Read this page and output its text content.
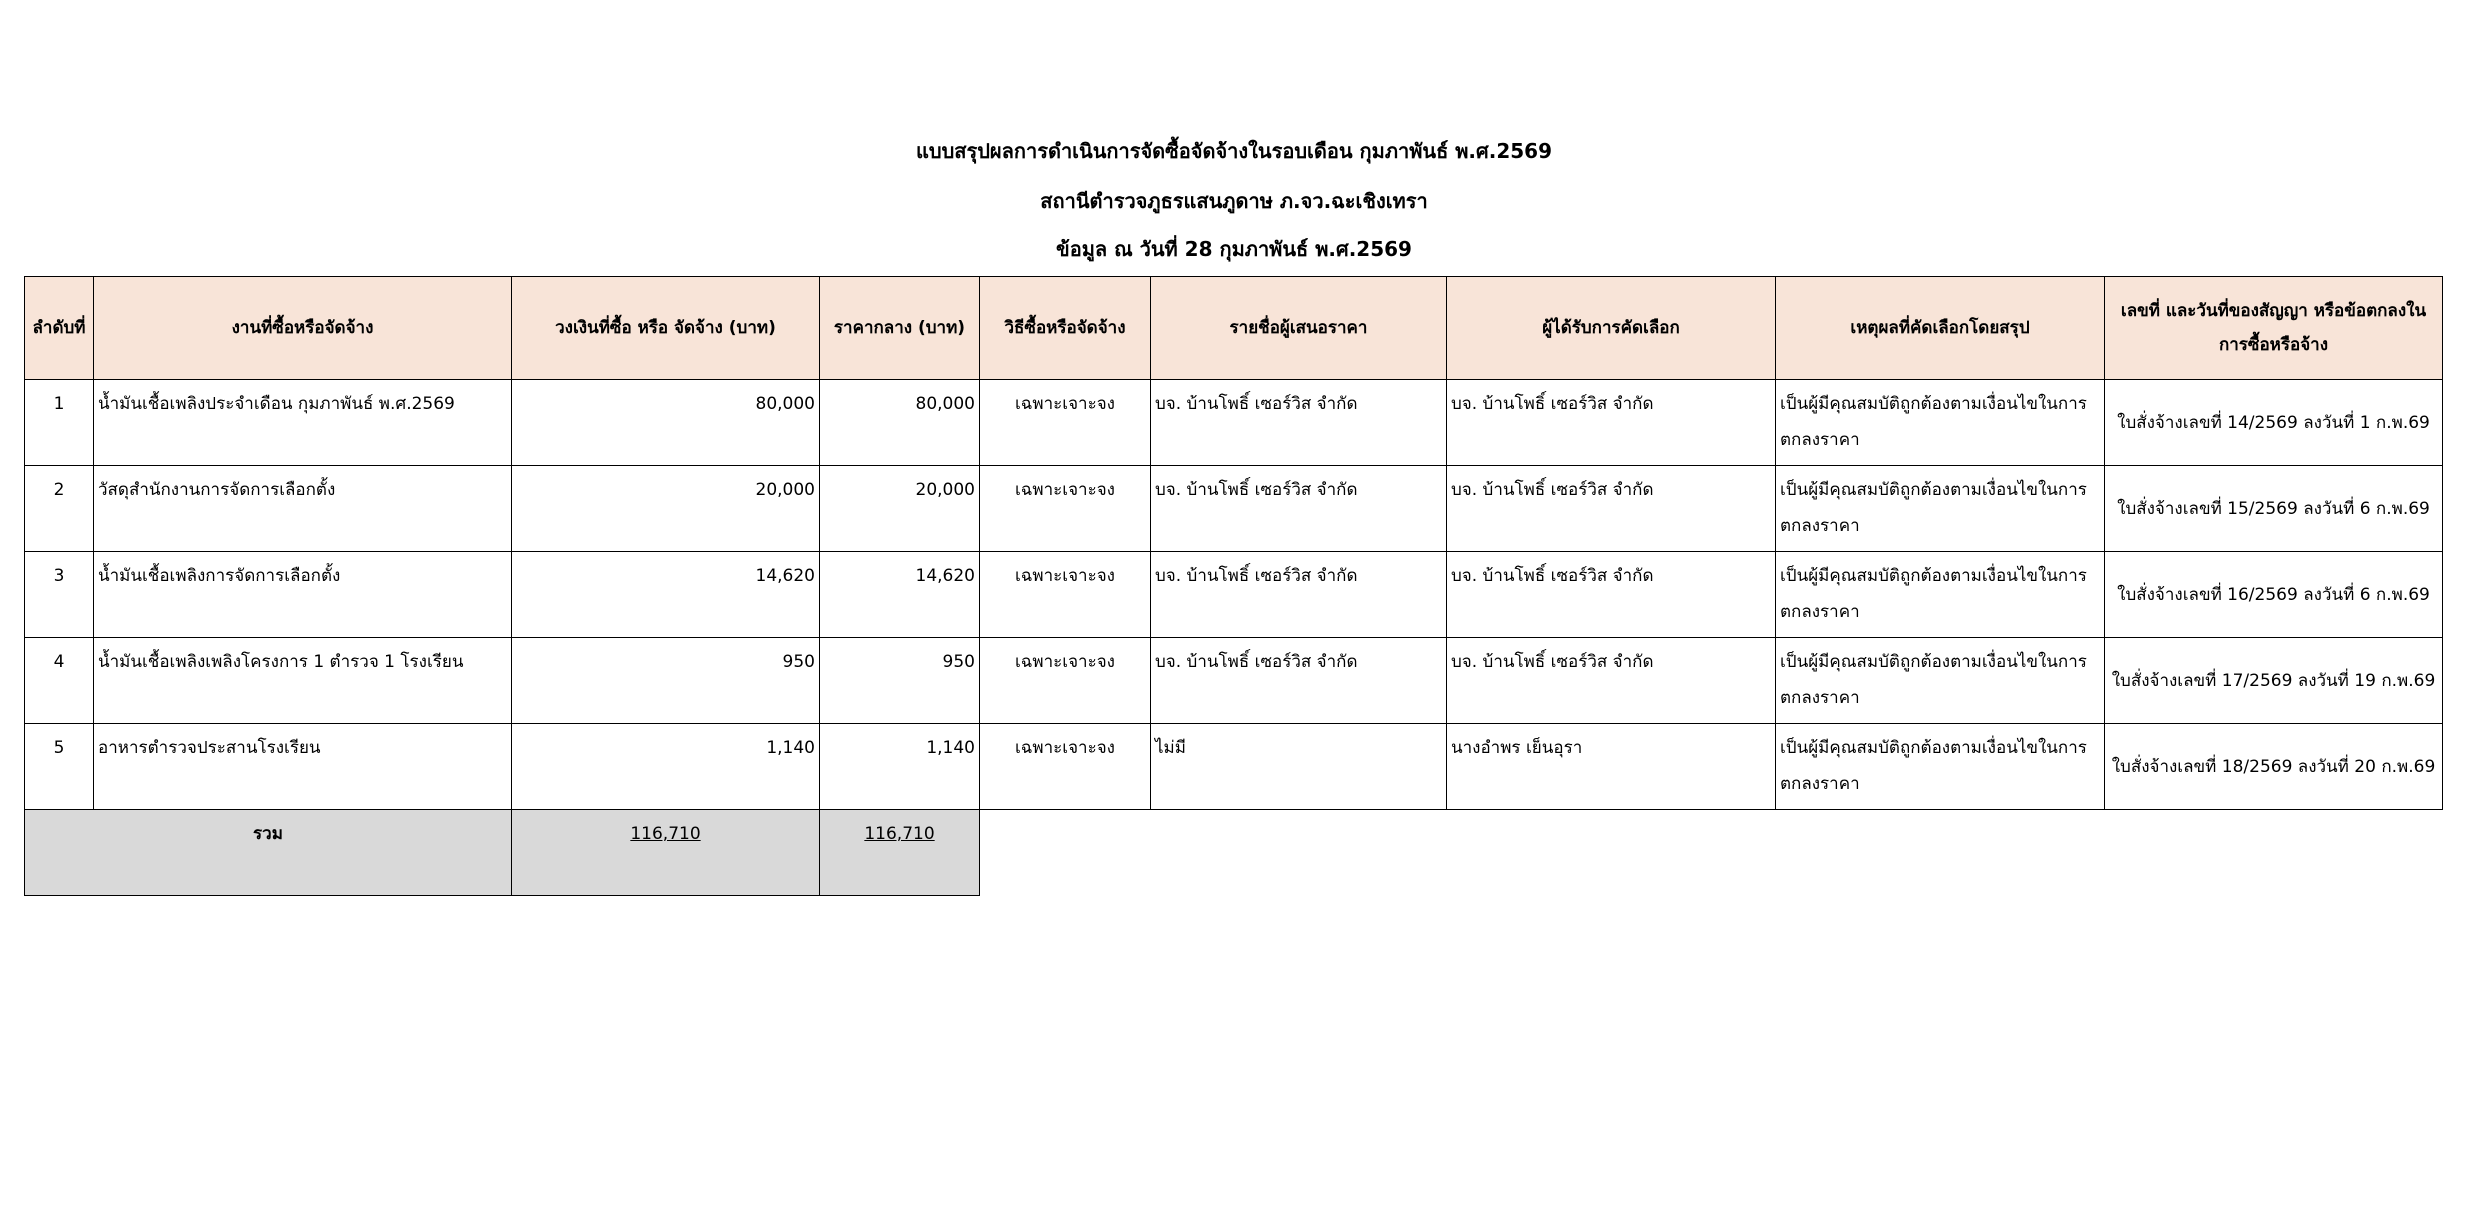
แบบสรุปผลการดำเนินการจัดซื้อจัดจ้างในรอบเดือน กุมภาพันธ์ พ.ศ.2569
สถานีตำรวจภูธรแสนภูดาษ ภ.จว.ฉะเชิงเทรา
ข้อมูล ณ วันที่ 28 กุมภาพันธ์ พ.ศ.2569
ลำดับที่	งานที่ซื้อหรือจัดจ้าง	วงเงินที่ซื้อ หรือ จัดจ้าง (บาท)	ราคากลาง (บาท)	วิธีซื้อหรือจัดจ้าง	รายชื่อผู้เสนอราคา	ผู้ได้รับการคัดเลือก	เหตุผลที่คัดเลือกโดยสรุป	เลขที่ และวันที่ของสัญญา หรือข้อตกลงในการซื้อหรือจ้าง
1	น้ำมันเชื้อเพลิงประจำเดือน กุมภาพันธ์ พ.ศ.2569	80,000	80,000	เฉพาะเจาะจง	บจ. บ้านโพธิ์ เซอร์วิส จำกัด	บจ. บ้านโพธิ์ เซอร์วิส จำกัด	เป็นผู้มีคุณสมบัติถูกต้องตามเงื่อนไขในการตกลงราคา	ใบสั่งจ้างเลขที่ 14/2569 ลงวันที่ 1 ก.พ.69
2	วัสดุสำนักงานการจัดการเลือกตั้ง	20,000	20,000	เฉพาะเจาะจง	บจ. บ้านโพธิ์ เซอร์วิส จำกัด	บจ. บ้านโพธิ์ เซอร์วิส จำกัด	เป็นผู้มีคุณสมบัติถูกต้องตามเงื่อนไขในการตกลงราคา	ใบสั่งจ้างเลขที่ 15/2569 ลงวันที่ 6 ก.พ.69
3	น้ำมันเชื้อเพลิงการจัดการเลือกตั้ง	14,620	14,620	เฉพาะเจาะจง	บจ. บ้านโพธิ์ เซอร์วิส จำกัด	บจ. บ้านโพธิ์ เซอร์วิส จำกัด	เป็นผู้มีคุณสมบัติถูกต้องตามเงื่อนไขในการตกลงราคา	ใบสั่งจ้างเลขที่ 16/2569 ลงวันที่ 6 ก.พ.69
4	น้ำมันเชื้อเพลิงเพลิงโครงการ 1 ตำรวจ 1 โรงเรียน	950	950	เฉพาะเจาะจง	บจ. บ้านโพธิ์ เซอร์วิส จำกัด	บจ. บ้านโพธิ์ เซอร์วิส จำกัด	เป็นผู้มีคุณสมบัติถูกต้องตามเงื่อนไขในการตกลงราคา	ใบสั่งจ้างเลขที่ 17/2569 ลงวันที่ 19 ก.พ.69
5	อาหารตำรวจประสานโรงเรียน	1,140	1,140	เฉพาะเจาะจง	ไม่มี	นางอำพร เย็นอุรา	เป็นผู้มีคุณสมบัติถูกต้องตามเงื่อนไขในการตกลงราคา	ใบสั่งจ้างเลขที่ 18/2569 ลงวันที่ 20 ก.พ.69
รวม		116,710	116,710					
